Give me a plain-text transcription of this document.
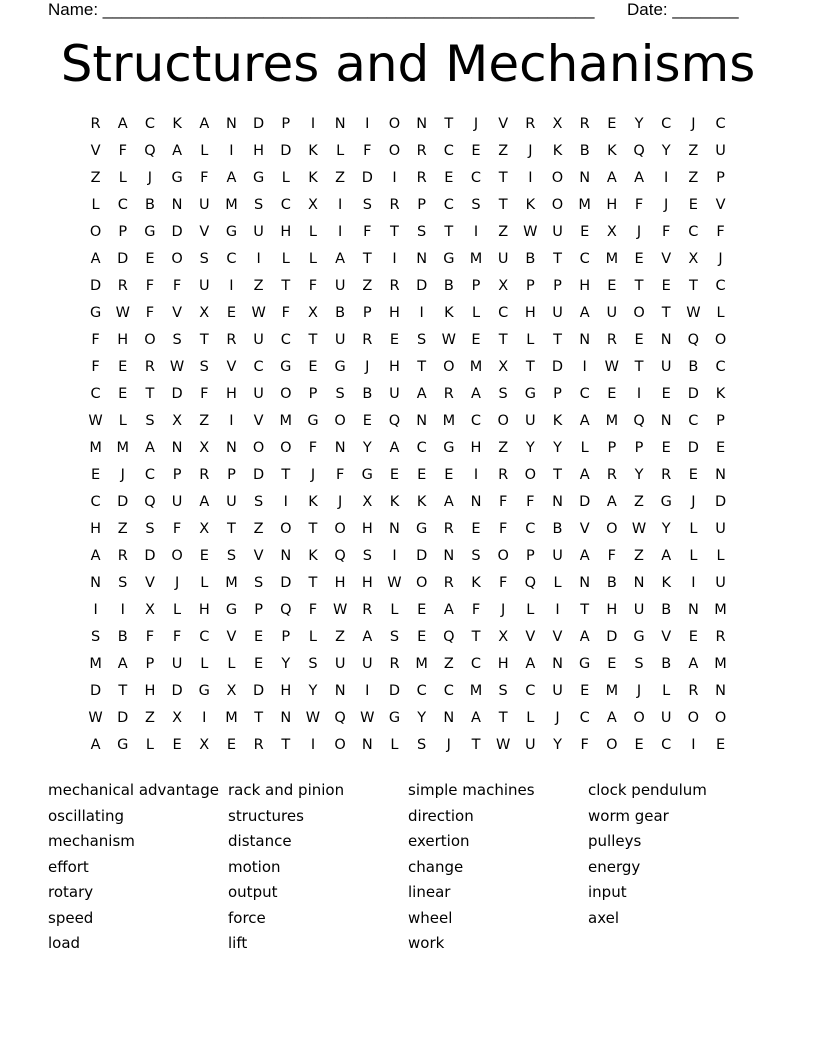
Name: ____________________________________________________ Date: _______
Structures and Mechanisms
R	A	C	K	A	N	D	P	I	N	I	O	N	T	J	V	R	X	R	E	Y	C	J	C
V	F	Q	A	L	I	H	D	K	L	F	O	R	C	E	Z	J	K	B	K	Q	Y	Z	U
Z	L	J	G	F	A	G	L	K	Z	D	I	R	E	C	T	I	O	N	A	A	I	Z	P
L	C	B	N	U	M	S	C	X	I	S	R	P	C	S	T	K	O	M	H	F	J	E	V
O	P	G	D	V	G	U	H	L	I	F	T	S	T	I	Z	W	U	E	X	J	F	C	F
A	D	E	O	S	C	I	L	L	A	T	I	N	G	M	U	B	T	C	M	E	V	X	J
D	R	F	F	U	I	Z	T	F	U	Z	R	D	B	P	X	P	P	H	E	T	E	T	C
G W	F	V	X	E	W	F	X	B	P	H	I	K	L	C	H	U	A	U	O	T	W	L
F	H	O	S	T	R	U	C	T	U	R	E	S	W	E	T	L	T	N	R	E	N	Q	O
F	E	R	W	S	V	C	G	E	G	J	H	T	O	M	X	T	D	I	W	T	U	B	C
C	E	T	D	F	H	U	O	P	S	B	U	A	R	A	S	G	P	C	E	I	E	D	K
W	L	S	X	Z	I	V	M	G	O	E	Q	N	M	C	O	U	K	A	M	Q	N	C	P
M	M	A	N	X	N	O	O	F	N	Y	A	C	G	H	Z	Y	Y	L	P	P	E	D	E
E	J	C	P	R	P	D	T	J	F	G	E	E	E	I	R	O	T	A	R	Y	R	E	N
C	D	Q	U	A	U	S	I	K	J	X	K	K	A	N	F	F	N	D	A	Z	G	J	D
H	Z	S	F	X	T	Z	O	T	O	H	N	G	R	E	F	C	B	V	O W	Y	L	U
A	R	D	O	E	S	V	N	K	Q	S	I	D	N	S	O	P	U	A	F	Z	A	L	L
N	S	V	J	L	M	S	D	T	H	H	W O	R	K	F	Q	L	N	B	N	K	I	U
I	I	X	L	H	G	P	Q	F	W	R	L	E	A	F	J	L	I	T	H	U	B	N	M
S	B	F	F	C	V	E	P	L	Z	A	S	E	Q	T	X	V	V	A	D	G	V	E	R
M	A	P	U	L	L	E	Y	S	U	U	R	M	Z	C	H	A	N	G	E	S	B	A	M
D	T	H	D	G	X	D	H	Y	N	I	D	C	C	M	S	C	U	E	M	J	L	R	N
W D	Z	X	I	M	T	N	W Q W G	Y	N	A	T	L	J	C	A	O	U	O	O
A	G	L	E	X	E	R	T	I	O	N	L	S	J	T	W	U	Y	F	O	E	C	I	E
mechanical advantage
oscillating
mechanism
effort
rotary
speed
load
rack and pinion
structures
distance
motion
output
force
lift
simple machines
direction
exertion
change
linear
wheel
work
clock pendulum
worm gear
pulleys
energy
input
axel
